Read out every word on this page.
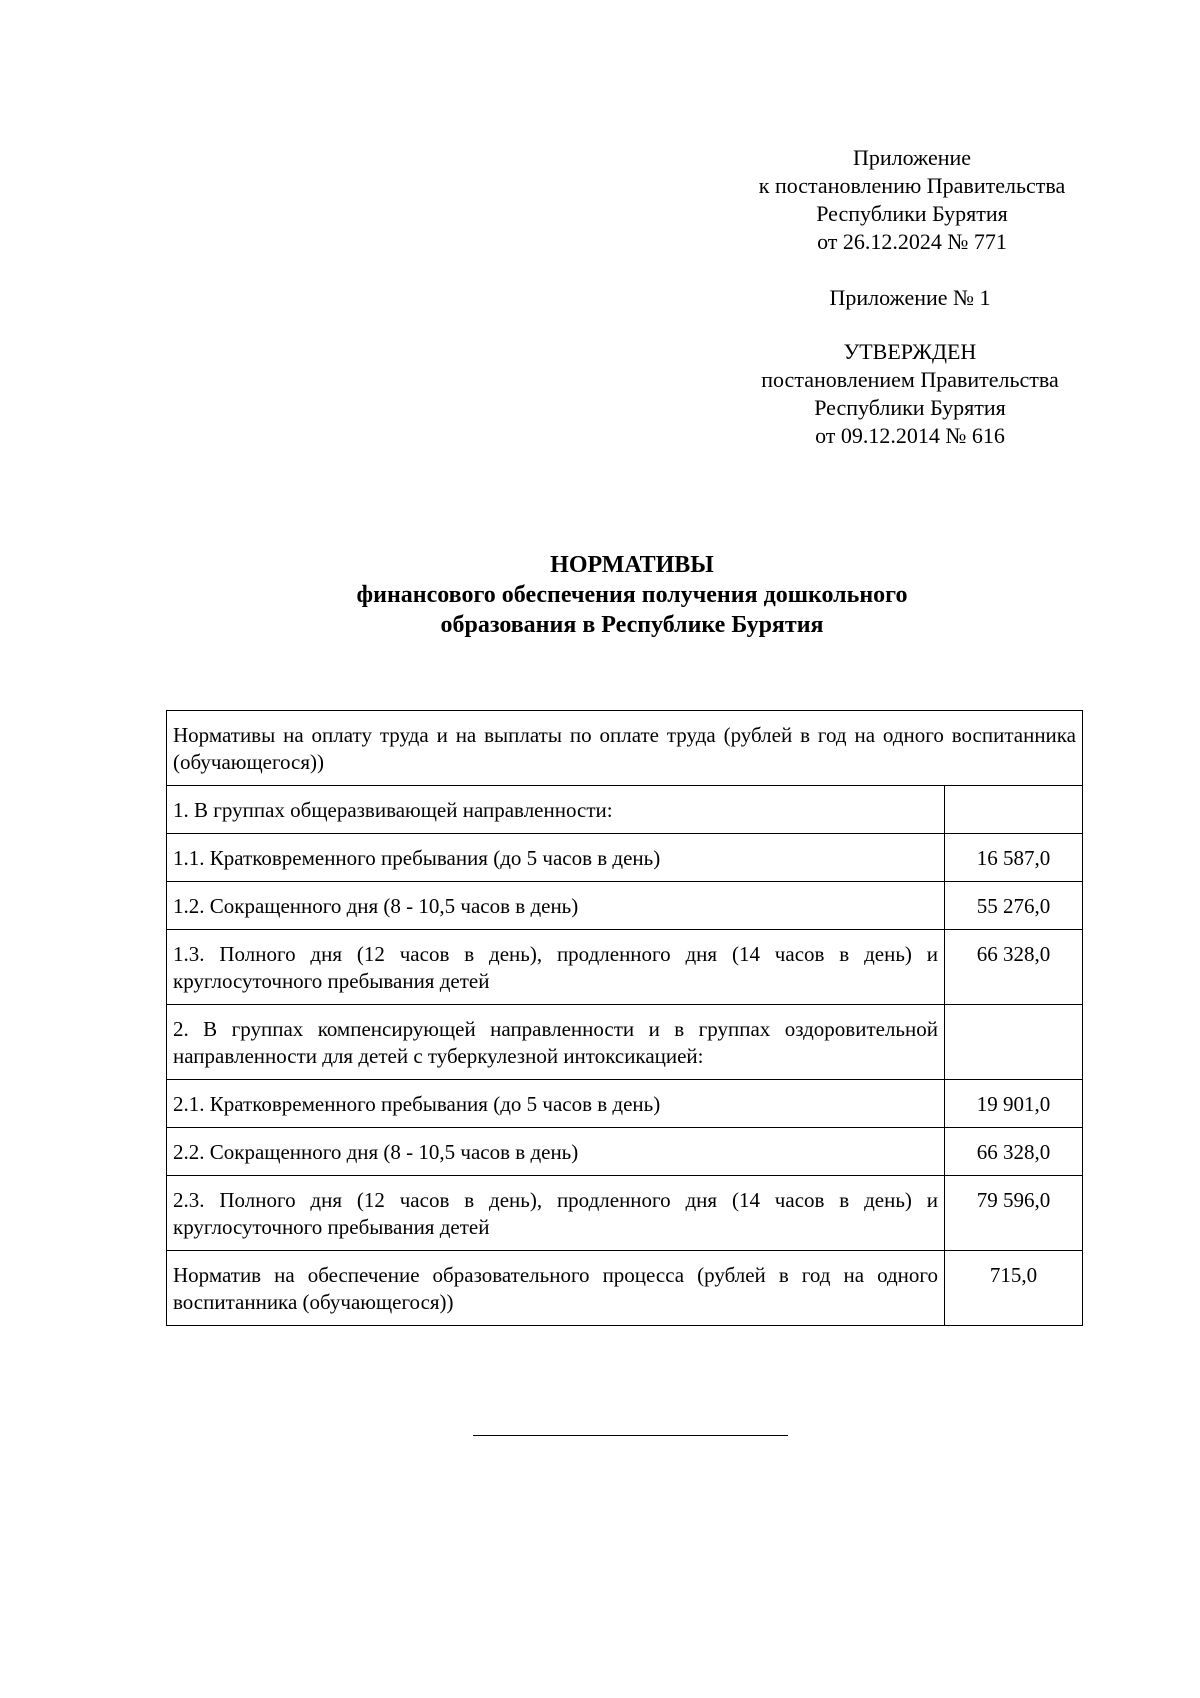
Приложение
к постановлению Правительства
Республики Бурятия
от 26.12.2024 № 771
Приложение № 1
УТВЕРЖДЕН
постановлением Правительства
Республики Бурятия
от 09.12.2014 № 616
НОРМАТИВЫ
финансового обеспечения получения дошкольного
образования в Республике Бурятия
Нормативы на оплату труда и на выплаты по оплате труда (рублей в год на одного воспитанника (обучающегося))	
1. В группах общеразвивающей направленности:	
1.1. Кратковременного пребывания (до 5 часов в день)	16 587,0
1.2. Сокращенного дня (8 - 10,5 часов в день)	55 276,0
1.3. Полного дня (12 часов в день), продленного дня (14 часов в день) и круглосуточного пребывания детей	66 328,0
2. В группах компенсирующей направленности и в группах оздоровительной направленности для детей с туберкулезной интоксикацией:	
2.1. Кратковременного пребывания (до 5 часов в день)	19 901,0
2.2. Сокращенного дня (8 - 10,5 часов в день)	66 328,0
2.3. Полного дня (12 часов в день), продленного дня (14 часов в день) и круглосуточного пребывания детей	79 596,0
Норматив на обеспечение образовательного процесса (рублей в год на одного воспитанника (обучающегося))	715,0
